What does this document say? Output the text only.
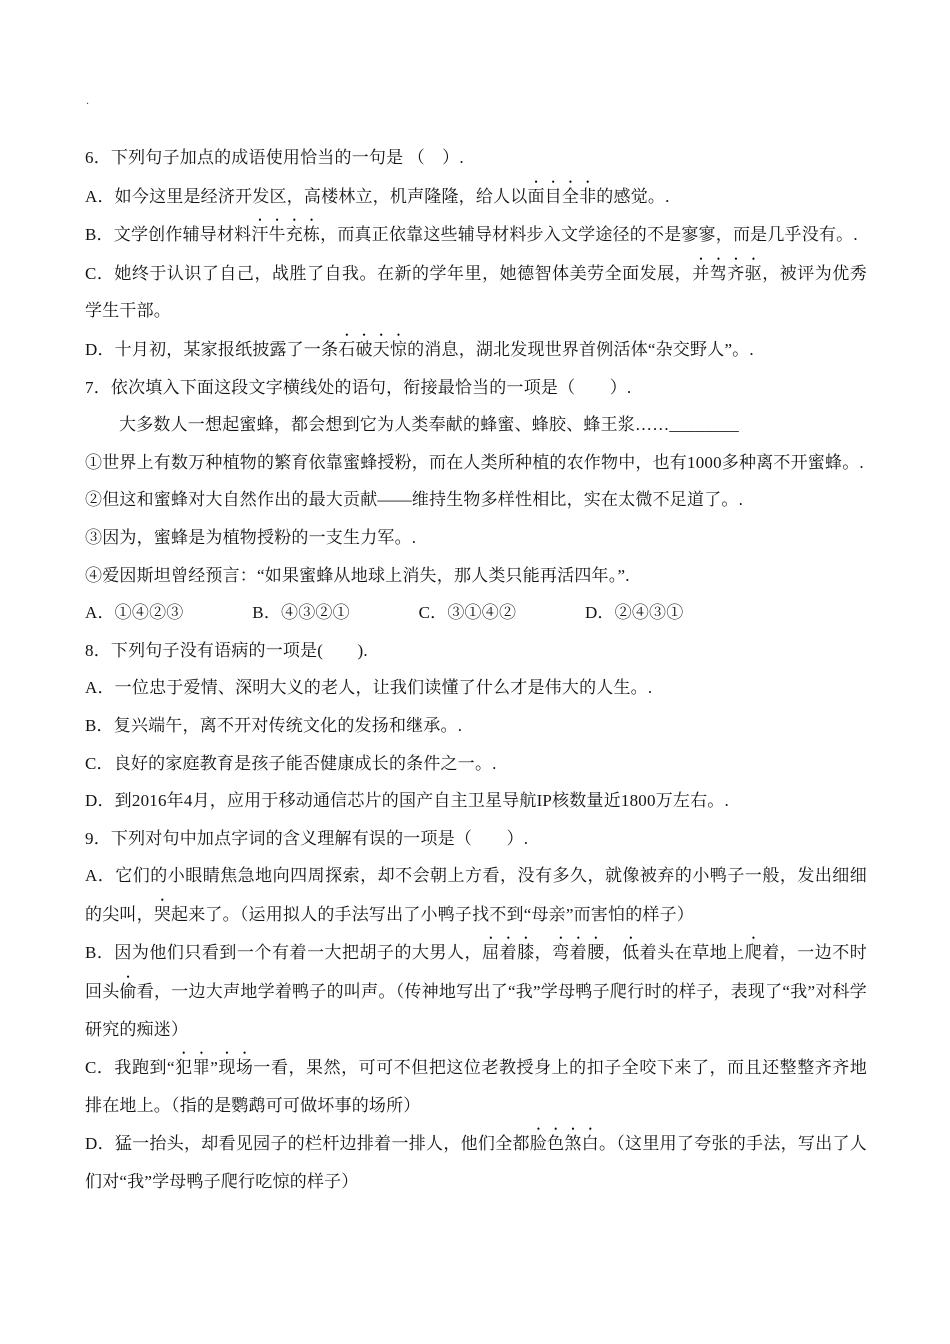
．

6．下列句子加点的成语使用恰当的一句是 （　）.

A．如今这里是经济开发区，高楼林立，机声隆隆，给人以面目全非的感觉。.

B．文学创作辅导材料汗牛充栋，而真正依靠这些辅导材料步入文学途径的不是寥寥，而是几乎没有。.

C．她终于认识了自己，战胜了自我。在新的学年里，她德智体美劳全面发展，并驾齐驱，被评为优秀学生干部。

D．十月初，某家报纸披露了一条石破天惊的消息，湖北发现世界首例活体“杂交野人”。.

7．依次填入下面这段文字横线处的语句，衔接最恰当的一项是（　　）.

大多数人一想起蜜蜂，都会想到它为人类奉献的蜂蜜、蜂胶、蜂王浆……________

①世界上有数万种植物的繁育依靠蜜蜂授粉，而在人类所种植的农作物中，也有1000多种离不开蜜蜂。.

②但这和蜜蜂对大自然作出的最大贡献——维持生物多样性相比，实在太微不足道了。.

③因为，蜜蜂是为植物授粉的一支生力军。.

④爱因斯坦曾经预言：“如果蜜蜂从地球上消失，那人类只能再活四年。”.

A．①④②③　　　　B．④③②①　　　　C．③①④②　　　　D．②④③①

8．下列句子没有语病的一项是(　　).

A．一位忠于爱情、深明大义的老人，让我们读懂了什么才是伟大的人生。.

B．复兴端午，离不开对传统文化的发扬和继承。.

C．良好的家庭教育是孩子能否健康成长的条件之一。.

D．到2016年4月，应用于移动通信芯片的国产自主卫星导航IP核数量近1800万左右。.

9．下列对句中加点字词的含义理解有误的一项是（　　）.

A．它们的小眼睛焦急地向四周探索，却不会朝上方看，没有多久，就像被弃的小鸭子一般，发出细细的尖叫，哭起来了。（运用拟人的手法写出了小鸭子找不到“母亲”而害怕的样子）

B．因为他们只看到一个有着一大把胡子的大男人，屈着膝，弯着腰，低着头在草地上爬着，一边不时回头偷看，一边大声地学着鸭子的叫声。（传神地写出了“我”学母鸭子爬行时的样子，表现了“我”对科学研究的痴迷）

C．我跑到“犯罪”现场一看，果然，可可不但把这位老教授身上的扣子全咬下来了，而且还整整齐齐地排在地上。（指的是鹦鹉可可做坏事的场所）

D．猛一抬头，却看见园子的栏杆边排着一排人，他们全都脸色煞白。（这里用了夸张的手法，写出了人们对“我”学母鸭子爬行吃惊的样子）
